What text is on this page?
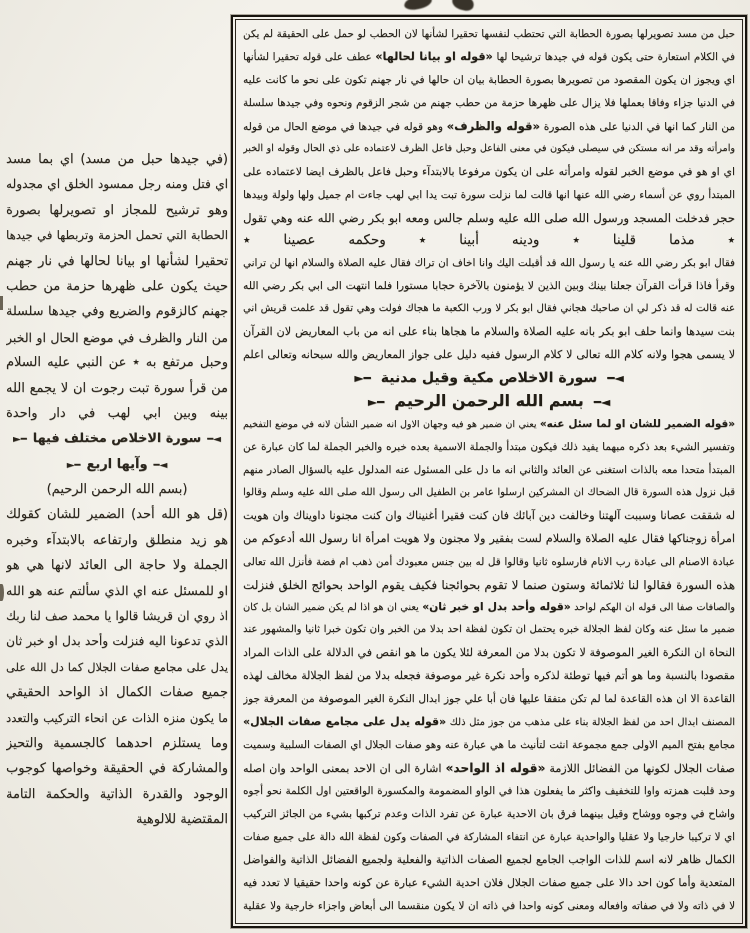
(في جيدها حبل من مسد) اي بما مسد
اي فتل ومنه رجل ممسود الخلق اي مجدوله
وهو ترشيح للمجاز او تصويرلها بصورة
الحطابة التي تحمل الحزمة وتربطها في جيدها
تحقيرا لشأنها او بيانا لحالها في نار جهنم
حيث يكون على ظهرها حزمة من حطب
جهنم كالزقوم والضريع وفي جيدها سلسلة
من النار والظرف في موضع الحال او الخبر
وحبل مرتفع به ٭ عن النبي عليه السلام
من قرأ سورة تبت رجوت ان لا يجمع الله
بينه وبين ابي لهب في دار واحدة
◄━ سورة الاخلاص مختلف فيها ━►
◄━ وآيها اربع ━►
(بسم الله الرحمن الرحيم)
(قل هو الله أحد) الضمير للشان كقولك
هو زيد منطلق وارتفاعه بالابتدآء وخبره
الجملة ولا حاجة الى العائد لانها هي هو
او للمسئل عنه اي الذي سألتم عنه هو الله
اذ روي ان قريشا قالوا يا محمد صف لنا ربك
الذي تدعونا اليه فنزلت وأحد بدل او خبر ثان
يدل على مجامع صفات الجلال كما دل الله على
جميع صفات الكمال اذ الواحد الحقيقي
ما يكون منزه الذات عن انحاء التركيب والتعدد
وما يستلزم احدهما كالجسمية والتحيز
والمشاركة في الحقيقة وخواصها كوجوب
الوجود والقدرة الذاتية والحكمة التامة
المقتضية للالوهية
حبل من مسد تصويرلها بصورة الحطابة التي تحتطب لنفسها تحقيرا لشأنها لان الحطب لو حمل على الحقيقة لم يكن
في الكلام استعارة حتى يكون قوله في جيدها ترشيحا لها «قوله او بيانا لحالها» عطف على قوله تحقيرا لشأنها
اي ويجوز ان يكون المقصود من تصويرها بصورة الحطابة بيان ان حالها في نار جهنم تكون على نحو ما كانت عليه
في الدنيا جزاء وفاقا بعملها فلا يزال على ظهرها حزمة من حطب جهنم من شجر الزقوم ونحوه وفي جيدها سلسلة
من النار كما انها في الدنيا على هذه الصورة «قوله والظرف» وهو قوله في جيدها في موضع الحال من قوله
وامرأته وقد مر انه مستكن في سيصلى فيكون في معنى الفاعل وحبل فاعل الظرف لاعتماده على ذي الحال وقوله او الخبر
اي او هو في موضع الخبر لقوله وامرأته على ان يكون مرفوعا بالابتدآء وحبل فاعل بالظرف ايضا لاعتماده على
المبتدأ روي عن أسماء رضي الله عنها انها قالت لما نزلت سورة تبت يدا ابي لهب جاءت ام جميل ولها ولولة وبيدها
حجر فدخلت المسجد ورسول الله صلى الله عليه وسلم جالس ومعه ابو بكر رضي الله عنه وهي تقول
٭ مذما قلينا ٭ ودينه أبينا ٭ وحكمه عصينا ٭
فقال ابو بكر رضي الله عنه يا رسول الله قد أقبلت اليك وانا اخاف ان تراك فقال عليه الصلاة والسلام انها لن تراني
وقرأ فاذا قرأت القرآن جعلنا بينك وبين الذين لا يؤمنون بالآخرة حجابا مستورا فلما انتهت الى ابي بكر رضي الله
عنه قالت له قد ذكر لي ان صاحبك هجاني فقال ابو بكر لا ورب الكعبة ما هجاك فولت وهي تقول قد علمت قريش اني
بنت سيدها وانما حلف ابو بكر بانه عليه الصلاة والسلام ما هجاها بناء على انه من باب المعاريض لان القرآن
لا يسمى هجوا ولانه كلام الله تعالى لا كلام الرسول ففيه دليل على جواز المعاريض والله سبحانه وتعالى اعلم
◄━ سورة الاخلاص مكية وقيل مدنية ━►
◄━ بسم الله الرحمن الرحيم ━►
«قوله الضمير للشان او لما سئل عنه» يعني ان ضمير هو فيه وجهان الاول انه ضمير الشأن لانه في موضع التفخيم
وتفسير الشيء بعد ذكره مبهما يفيد ذلك فيكون مبتدأ والجملة الاسمية بعده خبره والخبر الجملة لما كان عبارة عن
المبتدأ متحدا معه بالذات استغنى عن العائد والثاني انه ما دل على المسئول عنه المدلول عليه بالسؤال الصادر منهم
قبل نزول هذه السورة قال الضحاك ان المشركين ارسلوا عامر بن الطفيل الى رسول الله صلى الله عليه وسلم وقالوا
له شققت عصانا وسببت آلهتنا وخالفت دين آبائك فان كنت فقيرا أغنيناك وان كنت مجنونا داويناك وان هويت
امرأة زوجناكها فقال عليه الصلاة والسلام لست بفقير ولا مجنون ولا هويت امرأة انا رسول الله أدعوكم من
عبادة الاصنام الى عبادة رب الانام فارسلوه ثانيا وقالوا قل له بين جنس معبودك أمن ذهب ام فضة فأنزل الله تعالى
هذه السورة فقالوا لنا ثلاثمائة وستون صنما لا تقوم بحوائجنا فكيف يقوم الواحد بحوائج الخلق فنزلت
والصافات صفا الى قوله ان الهكم لواحد «قوله وأحد بدل او خبر ثان» يعني ان هو اذا لم يكن ضمير الشان بل كان
ضمير ما سئل عنه وكان لفظ الجلالة خبره يحتمل ان تكون لفظة احد بدلا من الخبر وان تكون خبرا ثانيا والمشهور عند
النحاة ان النكرة الغير الموصوفة لا تكون بدلا من المعرفة لئلا يكون ما هو انقص في الدلالة على الذات المراد
مقصودا بالنسبة وما هو أتم فيها توطئة لذكره وأحد نكرة غير موصوفة فجعله بدلا من لفظ الجلالة مخالف لهذه
القاعدة الا ان هذه القاعدة لما لم تكن متفقا عليها فان أبا علي جوز ابدال النكرة الغير الموصوفة من المعرفة جوز
المصنف ابدال احد من لفظ الجلالة بناء على مذهب من جوز مثل ذلك «قوله يدل على مجامع صفات الجلال»
مجامع بفتح الميم الاولى جمع مجموعة انثت لتأنيث ما هي عبارة عنه وهو صفات الجلال اي الصفات السلبية وسميت
صفات الجلال لكونها من الفضائل اللازمة «قوله اذ الواحد» اشارة الى ان الاحد بمعنى الواحد وان اصله
وحد قلبت همزته واوا للتخفيف واكثر ما يفعلون هذا في الواو المضمومة والمكسورة الواقعتين اول الكلمة نحو أجوه
واشاح في وجوه ووشاح وقيل بينهما فرق بان الاحدية عبارة عن تفرد الذات وعدم تركبها بشيء من الجائز التركيب
اي لا تركيبا خارجيا ولا عقليا والواحدية عبارة عن انتفاء المشاركة في الصفات وكون لفظة الله دالة على جميع صفات
الكمال ظاهر لانه اسم للذات الواجب الجامع لجميع الصفات الذاتية والفعلية ولجميع الفضائل الذاتية والفواضل
المتعدية وأما كون احد دالا على جميع صفات الجلال فلان احدية الشيء عبارة عن كونه واحدا حقيقيا لا تعدد فيه
لا في ذاته ولا في صفاته وافعاله ومعنى كونه واحدا في ذاته ان لا يكون منقسما الى أبعاض واجزاء خارجية ولا عقلية
